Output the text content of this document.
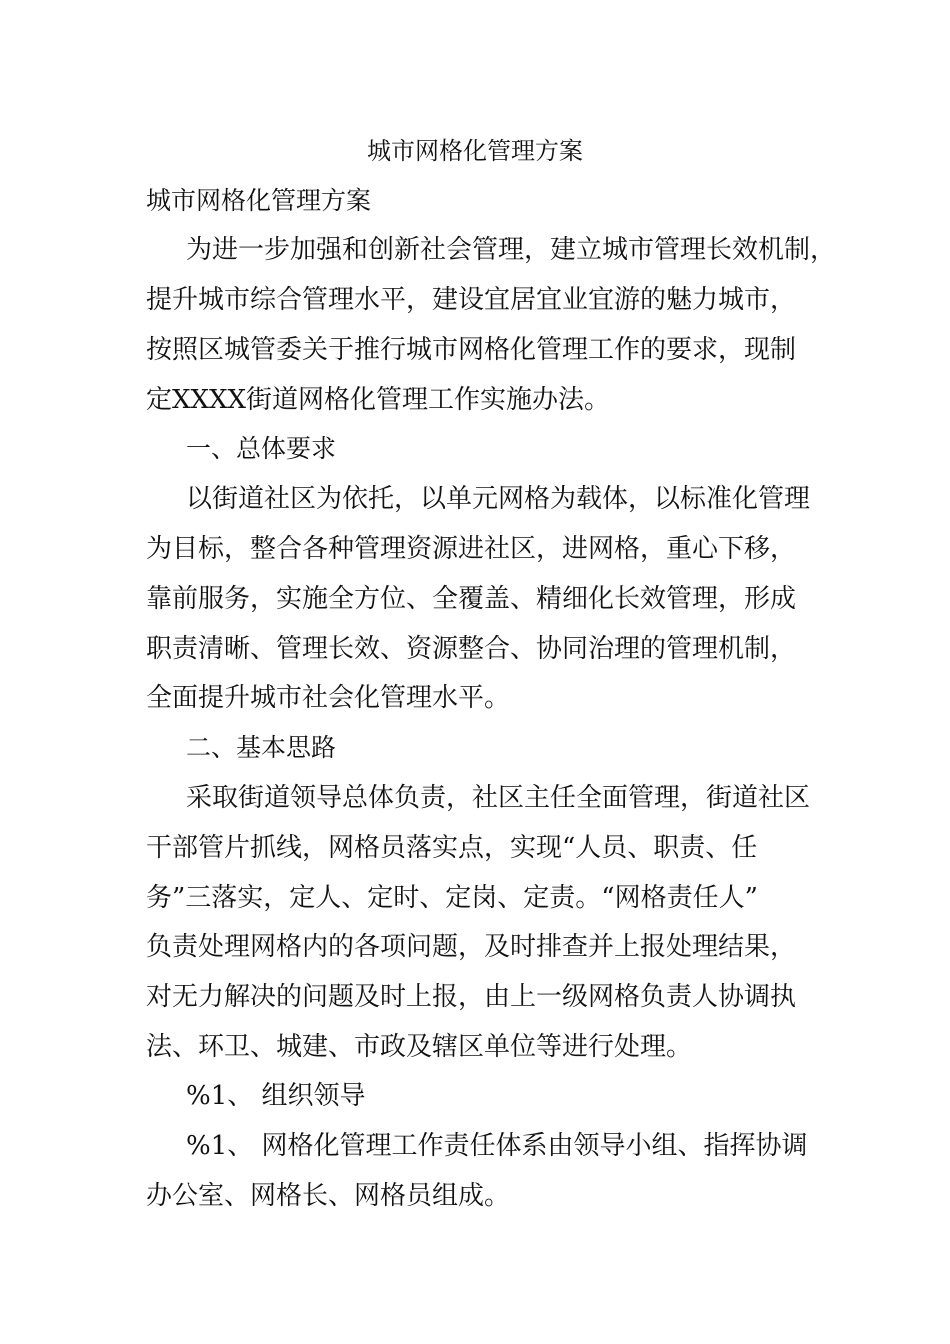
城市网格化管理方案
城市网格化管理方案
为进一步加强和创新社会管理，建立城市管理长效机制，
提升城市综合管理水平，建设宜居宜业宜游的魅力城市，
按照区城管委关于推行城市网格化管理工作的要求，现制
定XXXX街道网格化管理工作实施办法。
一、总体要求
以街道社区为依托，以单元网格为载体，以标准化管理
为目标，整合各种管理资源进社区，进网格，重心下移，
靠前服务，实施全方位、全覆盖、精细化长效管理，形成
职责清晰、管理长效、资源整合、协同治理的管理机制，
全面提升城市社会化管理水平。
二、基本思路
采取街道领导总体负责，社区主任全面管理，街道社区
干部管片抓线，网格员落实点，实现“人员、职责、任
务”三落实，定人、定时、定岗、定责。“网格责任人”
负责处理网格内的各项问题，及时排查并上报处理结果，
对无力解决的问题及时上报，由上一级网格负责人协调执
法、环卫、城建、市政及辖区单位等进行处理。
%1、 组织领导
%1、 网格化管理工作责任体系由领导小组、指挥协调
办公室、网格长、网格员组成。
